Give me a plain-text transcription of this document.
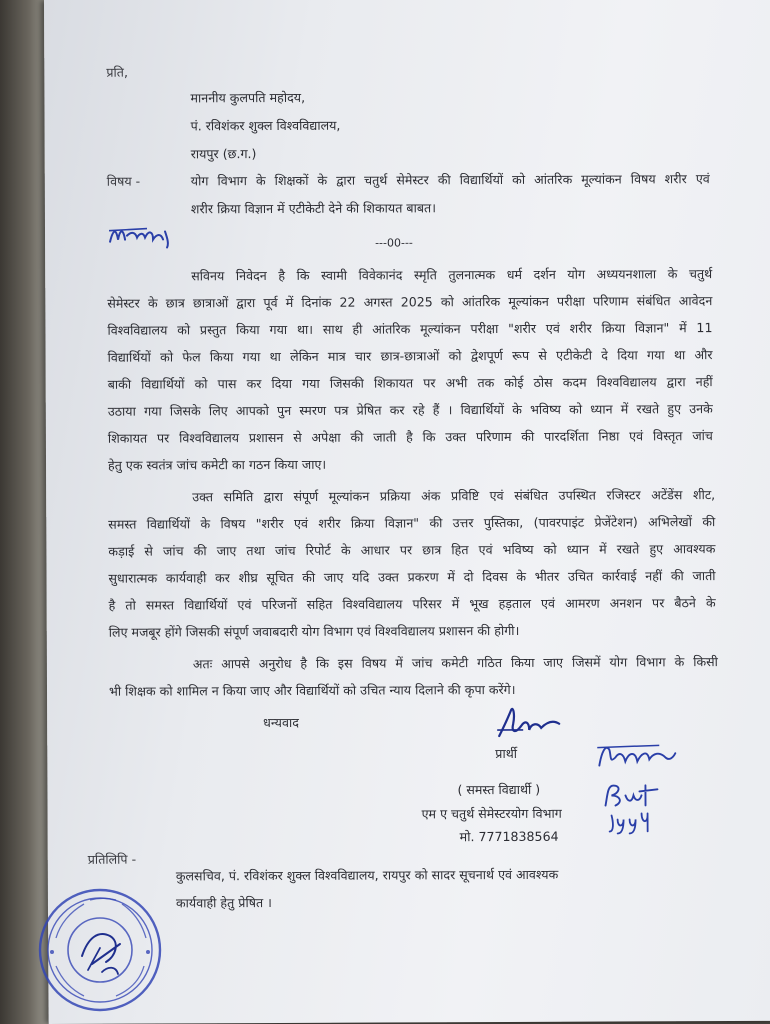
प्रति,
माननीय कुलपति महोदय,
पं. रविशंकर शुक्ल विश्वविद्यालय,
रायपुर (छ.ग.)
विषय -	योग विभाग के शिक्षकों के द्वारा चतुर्थ सेमेस्टर की विद्यार्थियों को आंतरिक मूल्यांकन विषय शरीर एवं
शरीर क्रिया विज्ञान में एटीकेटी देने की शिकायत बाबत।
---00---
सविनय निवेदन है कि स्वामी विवेकानंद स्मृति तुलनात्मक धर्म दर्शन योग अध्ययनशाला के चतुर्थ
सेमेस्टर के छात्र छात्राओं द्वारा पूर्व में दिनांक 22 अगस्त 2025 को आंतरिक मूल्यांकन परीक्षा परिणाम संबंधित आवेदन
विश्वविद्यालय को प्रस्तुत किया गया था। साथ ही आंतरिक मूल्यांकन परीक्षा "शरीर एवं शरीर क्रिया विज्ञान" में 11
विद्यार्थियों को फेल किया गया था लेकिन मात्र चार छात्र-छात्राओं को द्वेशपूर्ण रूप से एटीकेटी दे दिया गया था और
बाकी विद्यार्थियों को पास कर दिया गया जिसकी शिकायत पर अभी तक कोई ठोस कदम विश्वविद्यालय द्वारा नहीं
उठाया गया जिसके लिए आपको पुन स्मरण पत्र प्रेषित कर रहे हैं । विद्यार्थियों के भविष्य को ध्यान में रखते हुए उनके
शिकायत पर विश्वविद्यालय प्रशासन से अपेक्षा की जाती है कि उक्त परिणाम की पारदर्शिता निष्ठा एवं विस्तृत जांच
हेतु एक स्वतंत्र जांच कमेटी का गठन किया जाए।
उक्त समिति द्वारा संपूर्ण मूल्यांकन प्रक्रिया अंक प्रविष्टि एवं संबंधित उपस्थित रजिस्टर अटेंडेंस शीट,
समस्त विद्यार्थियों के विषय "शरीर एवं शरीर क्रिया विज्ञान" की उत्तर पुस्तिका, (पावरपाइंट प्रेजेंटेशन) अभिलेखों की
कड़ाई से जांच की जाए तथा जांच रिपोर्ट के आधार पर छात्र हित एवं भविष्य को ध्यान में रखते हुए आवश्यक
सुधारात्मक कार्यवाही कर शीघ्र सूचित की जाए यदि उक्त प्रकरण में दो दिवस के भीतर उचित कार्रवाई नहीं की जाती
है तो समस्त विद्यार्थियों एवं परिजनों सहित विश्वविद्यालय परिसर में भूख हड़ताल एवं आमरण अनशन पर बैठने के
लिए मजबूर होंगे जिसकी संपूर्ण जवाबदारी योग विभाग एवं विश्वविद्यालय प्रशासन की होगी।
अतः आपसे अनुरोध है कि इस विषय में जांच कमेटी गठित किया जाए जिसमें योग विभाग के किसी
भी शिक्षक को शामिल न किया जाए और विद्यार्थियों को उचित न्याय दिलाने की कृपा करेंगे।
धन्यवाद
प्रार्थी
( समस्त विद्यार्थी )
एम ए चतुर्थ सेमेस्टरयोग विभाग
मो. 7771838564
प्रतिलिपि -
कुलसचिव, पं. रविशंकर शुक्ल विश्वविद्यालय, रायपुर को सादर सूचनार्थ एवं आवश्यक
कार्यवाही हेतु प्रेषित ।
